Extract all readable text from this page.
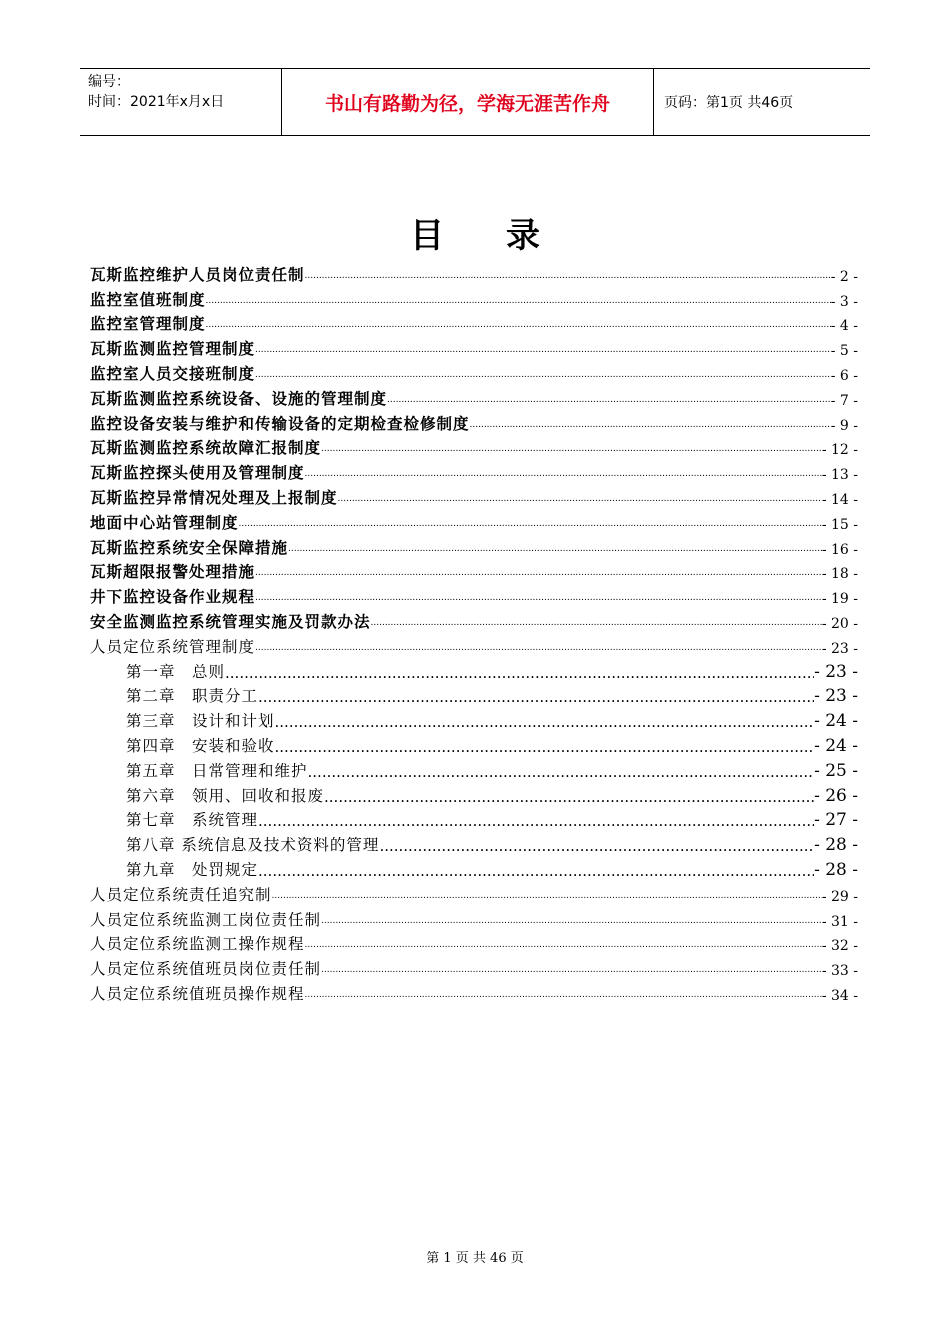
编号：
时间：2021年x月x日	书山有路勤为径，学海无涯苦作舟	页码：第1页 共46页
目录
瓦斯监控维护人员岗位责任制 .....	- 2 -
监控室值班制度 .....	- 3 -
监控室管理制度 .....	- 4 -
瓦斯监测监控管理制度 .....	- 5 -
监控室人员交接班制度 .....	- 6 -
瓦斯监测监控系统设备、设施的管理制度 .....	- 7 -
监控设备安装与维护和传输设备的定期检查检修制度 .....	- 9 -
瓦斯监测监控系统故障汇报制度 .....	- 12 -
瓦斯监控探头使用及管理制度 .....	- 13 -
瓦斯监控异常情况处理及上报制度 .....	- 14 -
地面中心站管理制度 .....	- 15 -
瓦斯监控系统安全保障措施 .....	- 16 -
瓦斯超限报警处理措施 .....	- 18 -
井下监控设备作业规程 .....	- 19 -
安全监测监控系统管理实施及罚款办法 .....	- 20 -
人员定位系统管理制度 .....	- 23 -
第一章　总则 .....	- 23 -
第二章　职责分工 .....	- 23 -
第三章　设计和计划 .....	- 24 -
第四章　安装和验收 .....	- 24 -
第五章　日常管理和维护 .....	- 25 -
第六章　领用、回收和报废 .....	- 26 -
第七章　系统管理 .....	- 27 -
第八章 系统信息及技术资料的管理 .....	- 28 -
第九章　处罚规定 .....	- 28 -
人员定位系统责任追究制 .....	- 29 -
人员定位系统监测工岗位责任制 .....	- 31 -
人员定位系统监测工操作规程 .....	- 32 -
人员定位系统值班员岗位责任制 .....	- 33 -
人员定位系统值班员操作规程 .....	- 34 -
第 1 页 共 46 页
